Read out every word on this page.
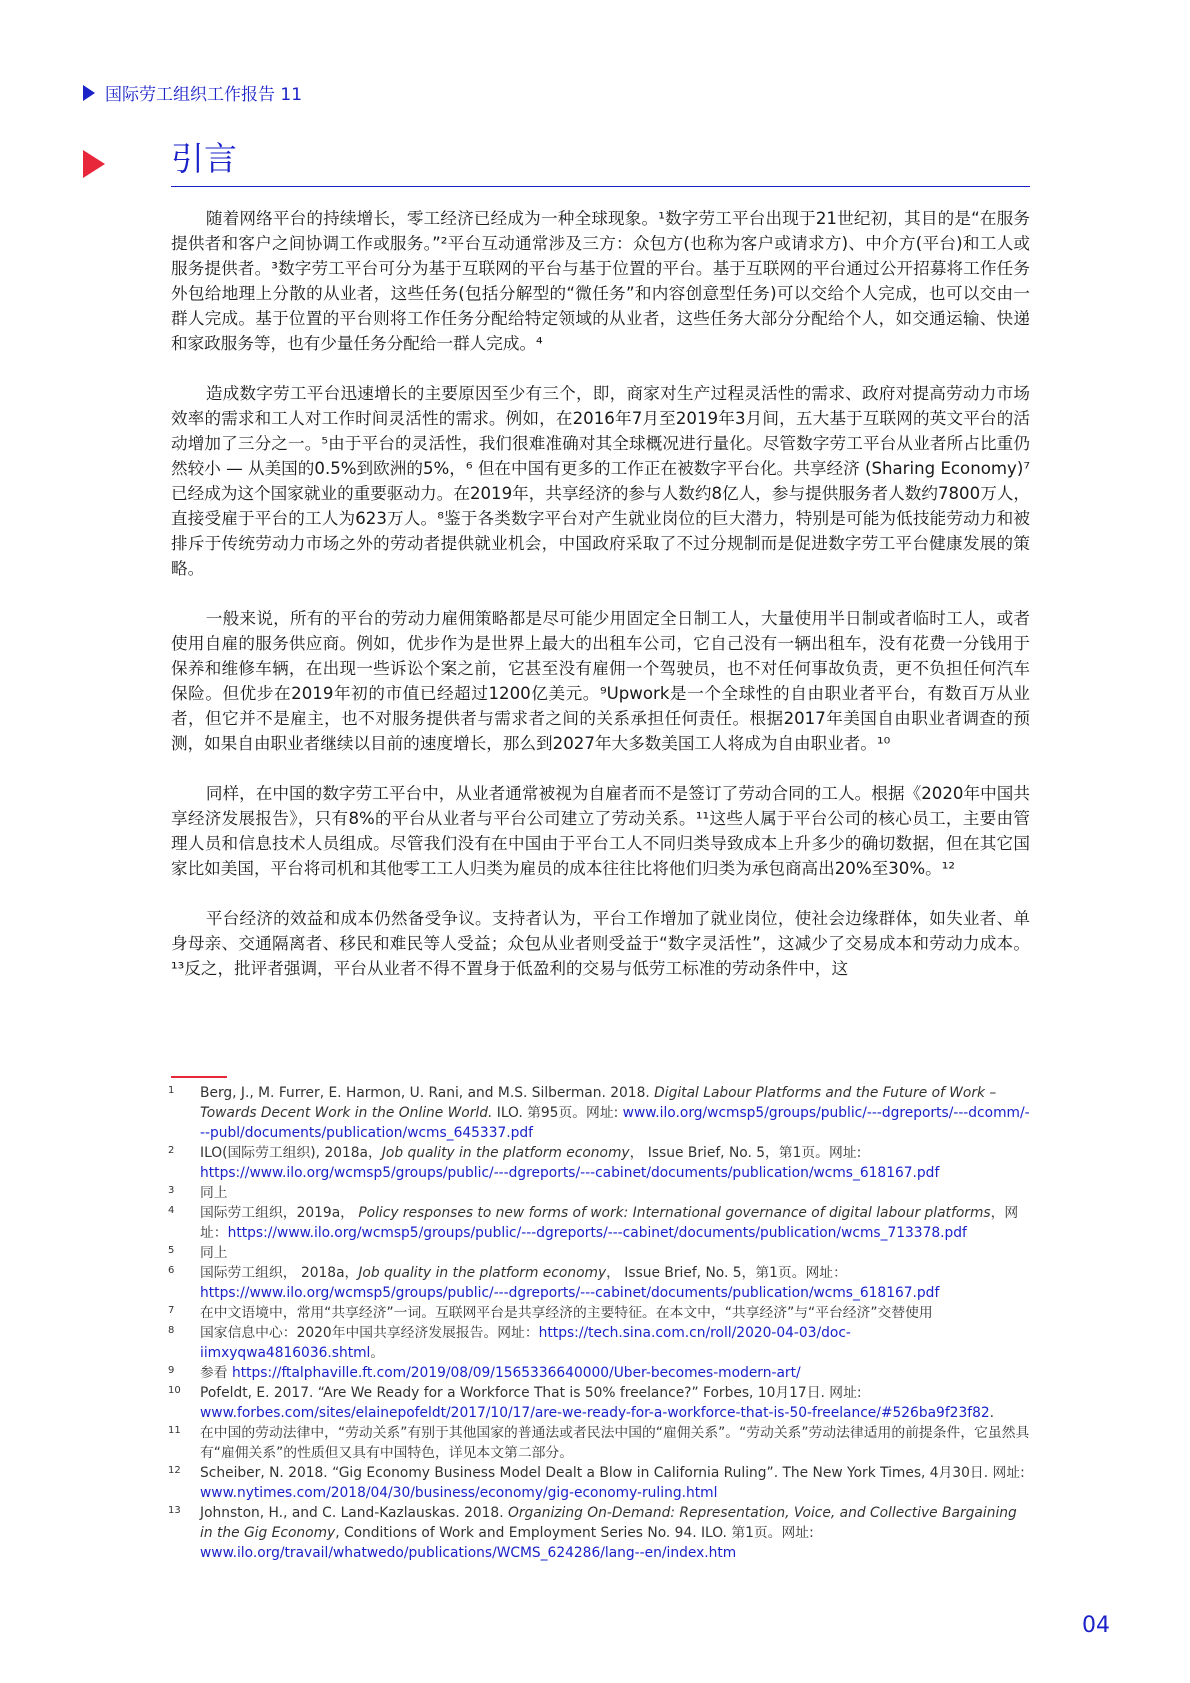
国际劳工组织工作报告 11
引言

随着网络平台的持续增长，零工经济已经成为一种全球现象。¹数字劳工平台出现于21世纪初，其目的是“在服务提供者和客户之间协调工作或服务。”²平台互动通常涉及三方：众包方(也称为客户或请求方)、中介方(平台)和工人或服务提供者。³数字劳工平台可分为基于互联网的平台与基于位置的平台。基于互联网的平台通过公开招募将工作任务外包给地理上分散的从业者，这些任务(包括分解型的“微任务”和内容创意型任务)可以交给个人完成，也可以交由一群人完成。基于位置的平台则将工作任务分配给特定领域的从业者，这些任务大部分分配给个人，如交通运输、快递和家政服务等，也有少量任务分配给一群人完成。⁴

造成数字劳工平台迅速增长的主要原因至少有三个，即，商家对生产过程灵活性的需求、政府对提高劳动力市场效率的需求和工人对工作时间灵活性的需求。例如，在2016年7月至2019年3月间，五大基于互联网的英文平台的活动增加了三分之一。⁵由于平台的灵活性，我们很难准确对其全球概况进行量化。尽管数字劳工平台从业者所占比重仍然较小 — 从美国的0.5%到欧洲的5%，⁶ 但在中国有更多的工作正在被数字平台化。共享经济 (Sharing Economy)⁷已经成为这个国家就业的重要驱动力。在2019年，共享经济的参与人数约8亿人，参与提供服务者人数约7800万人，直接受雇于平台的工人为623万人。⁸鉴于各类数字平台对产生就业岗位的巨大潜力，特别是可能为低技能劳动力和被排斥于传统劳动力市场之外的劳动者提供就业机会，中国政府采取了不过分规制而是促进数字劳工平台健康发展的策略。

一般来说，所有的平台的劳动力雇佣策略都是尽可能少用固定全日制工人，大量使用半日制或者临时工人，或者使用自雇的服务供应商。例如，优步作为是世界上最大的出租车公司，它自己没有一辆出租车，没有花费一分钱用于保养和维修车辆，在出现一些诉讼个案之前，它甚至没有雇佣一个驾驶员，也不对任何事故负责，更不负担任何汽车保险。但优步在2019年初的市值已经超过1200亿美元。⁹Upwork是一个全球性的自由职业者平台，有数百万从业者，但它并不是雇主，也不对服务提供者与需求者之间的关系承担任何责任。根据2017年美国自由职业者调查的预测，如果自由职业者继续以目前的速度增长，那么到2027年大多数美国工人将成为自由职业者。¹⁰

同样，在中国的数字劳工平台中，从业者通常被视为自雇者而不是签订了劳动合同的工人。根据《2020年中国共享经济发展报告》，只有8%的平台从业者与平台公司建立了劳动关系。¹¹这些人属于平台公司的核心员工，主要由管理人员和信息技术人员组成。尽管我们没有在中国由于平台工人不同归类导致成本上升多少的确切数据，但在其它国家比如美国，平台将司机和其他零工工人归类为雇员的成本往往比将他们归类为承包商高出20%至30%。¹²

平台经济的效益和成本仍然备受争议。支持者认为，平台工作增加了就业岗位，使社会边缘群体，如失业者、单身母亲、交通隔离者、移民和难民等人受益；众包从业者则受益于“数字灵活性”，这减少了交易成本和劳动力成本。¹³反之，批评者强调，平台从业者不得不置身于低盈利的交易与低劳工标准的劳动条件中，这

1 Berg, J., M. Furrer, E. Harmon, U. Rani, and M.S. Silberman. 2018. Digital Labour Platforms and the Future of Work – Towards Decent Work in the Online World. ILO. 第95页。网址: www.ilo.org/wcmsp5/groups/public/---dgreports/---dcomm/---publ/documents/publication/wcms_645337.pdf
2 ILO(国际劳工组织), 2018a，Job quality in the platform economy， Issue Brief, No. 5，第1页。网址: https://www.ilo.org/wcmsp5/groups/public/---dgreports/---cabinet/documents/publication/wcms_618167.pdf
3 同上
4 国际劳工组织，2019a， Policy responses to new forms of work: International governance of digital labour platforms，网址：https://www.ilo.org/wcmsp5/groups/public/---dgreports/---cabinet/documents/publication/wcms_713378.pdf
5 同上
6 国际劳工组织， 2018a，Job quality in the platform economy， Issue Brief, No. 5，第1页。网址：https://www.ilo.org/wcmsp5/groups/public/---dgreports/---cabinet/documents/publication/wcms_618167.pdf
7 在中文语境中，常用“共享经济”一词。互联网平台是共享经济的主要特征。在本文中，“共享经济”与“平台经济”交替使用
8 国家信息中心：2020年中国共享经济发展报告。网址：https://tech.sina.com.cn/roll/2020-04-03/doc-iimxyqwa4816036.shtml。
9 参看 https://ftalphaville.ft.com/2019/08/09/1565336640000/Uber-becomes-modern-art/
10 Pofeldt, E. 2017. “Are We Ready for a Workforce That is 50% freelance?” Forbes, 10月17日. 网址: www.forbes.com/sites/elainepofeldt/2017/10/17/are-we-ready-for-a-workforce-that-is-50-freelance/#526ba9f23f82.
11 在中国的劳动法律中，“劳动关系”有别于其他国家的普通法或者民法中国的“雇佣关系”。“劳动关系”劳动法律适用的前提条件，它虽然具有“雇佣关系”的性质但又具有中国特色，详见本文第二部分。
12 Scheiber, N. 2018. “Gig Economy Business Model Dealt a Blow in California Ruling”. The New York Times, 4月30日. 网址: www.nytimes.com/2018/04/30/business/economy/gig-economy-ruling.html
13 Johnston, H., and C. Land-Kazlauskas. 2018. Organizing On-Demand: Representation, Voice, and Collective Bargaining in the Gig Economy, Conditions of Work and Employment Series No. 94. ILO. 第1页。网址: www.ilo.org/travail/whatwedo/publications/WCMS_624286/lang--en/index.htm
04
